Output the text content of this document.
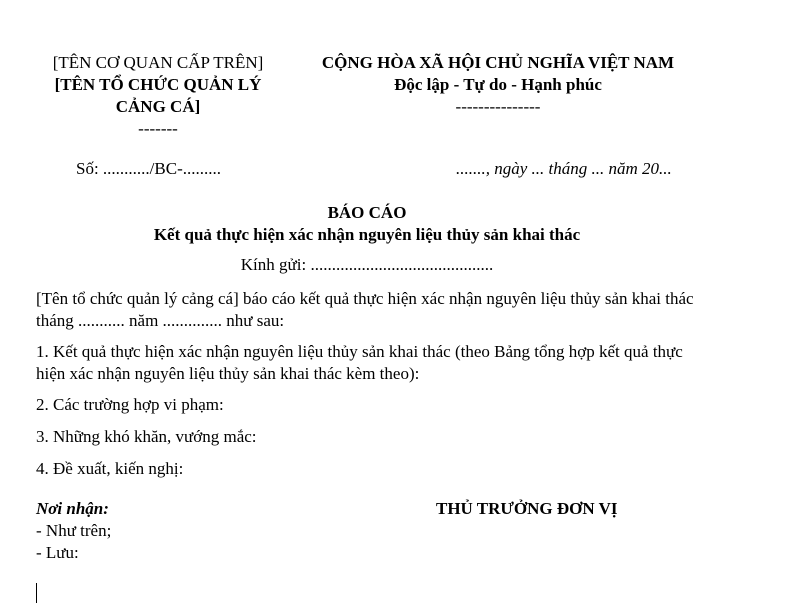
[TÊN CƠ QUAN CẤP TRÊN]
[TÊN TỔ CHỨC QUẢN LÝ
CẢNG CÁ]
-------
CỘNG HÒA XÃ HỘI CHỦ NGHĨA VIỆT NAM
Độc lập - Tự do - Hạnh phúc
---------------
Số: .........../BC-.........	......., ngày ... tháng ... năm 20...
BÁO CÁO
Kết quả thực hiện xác nhận nguyên liệu thủy sản khai thác
Kính gửi: ...........................................
[Tên tổ chức quản lý cảng cá] báo cáo kết quả thực hiện xác nhận nguyên liệu thủy sản khai thác tháng ........... năm .............. như sau:
1. Kết quả thực hiện xác nhận nguyên liệu thủy sản khai thác (theo Bảng tổng hợp kết quả thực hiện xác nhận nguyên liệu thủy sản khai thác kèm theo):
2. Các trường hợp vi phạm:
3. Những khó khăn, vướng mắc:
4. Đề xuất, kiến nghị:
Nơi nhận:
- Như trên;
- Lưu:
THỦ TRƯỞNG ĐƠN VỊ
